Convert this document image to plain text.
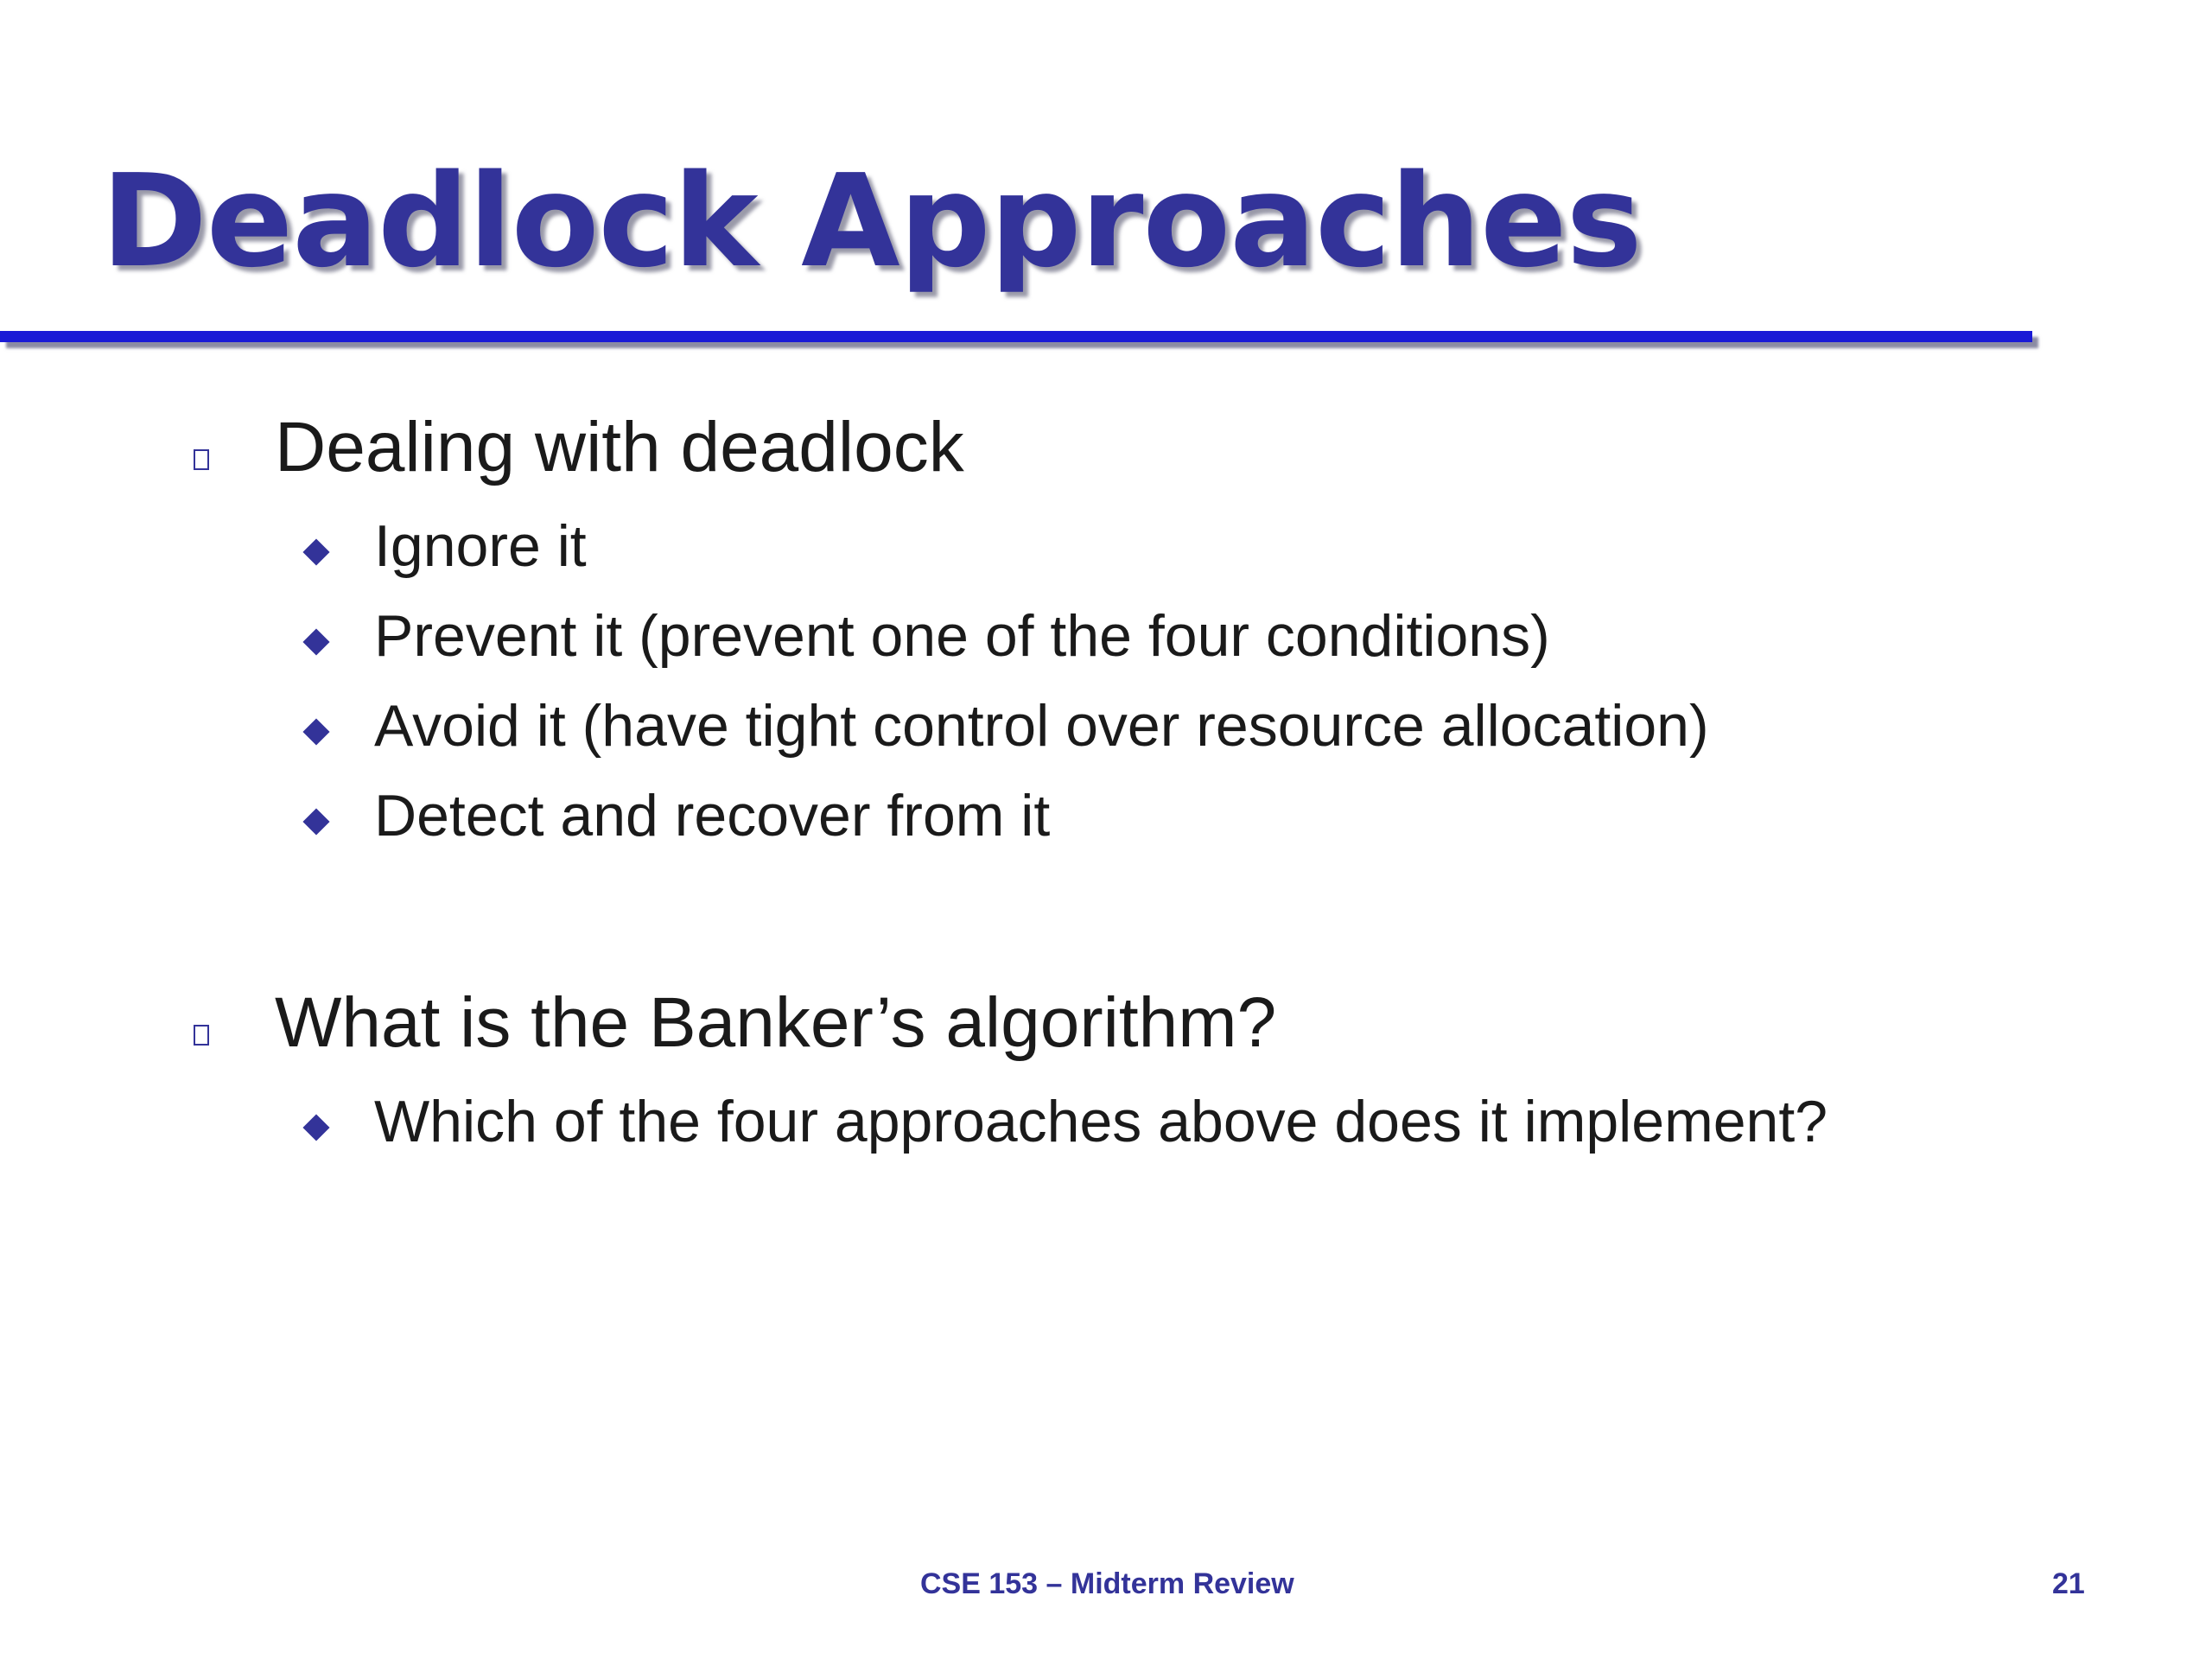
Deadlock Approaches
Dealing with deadlock
Ignore it
Prevent it (prevent one of the four conditions)
Avoid it (have tight control over resource allocation)
Detect and recover from it
What is the Banker’s algorithm?
Which of the four approaches above does it implement?
CSE 153 – Midterm Review	21
